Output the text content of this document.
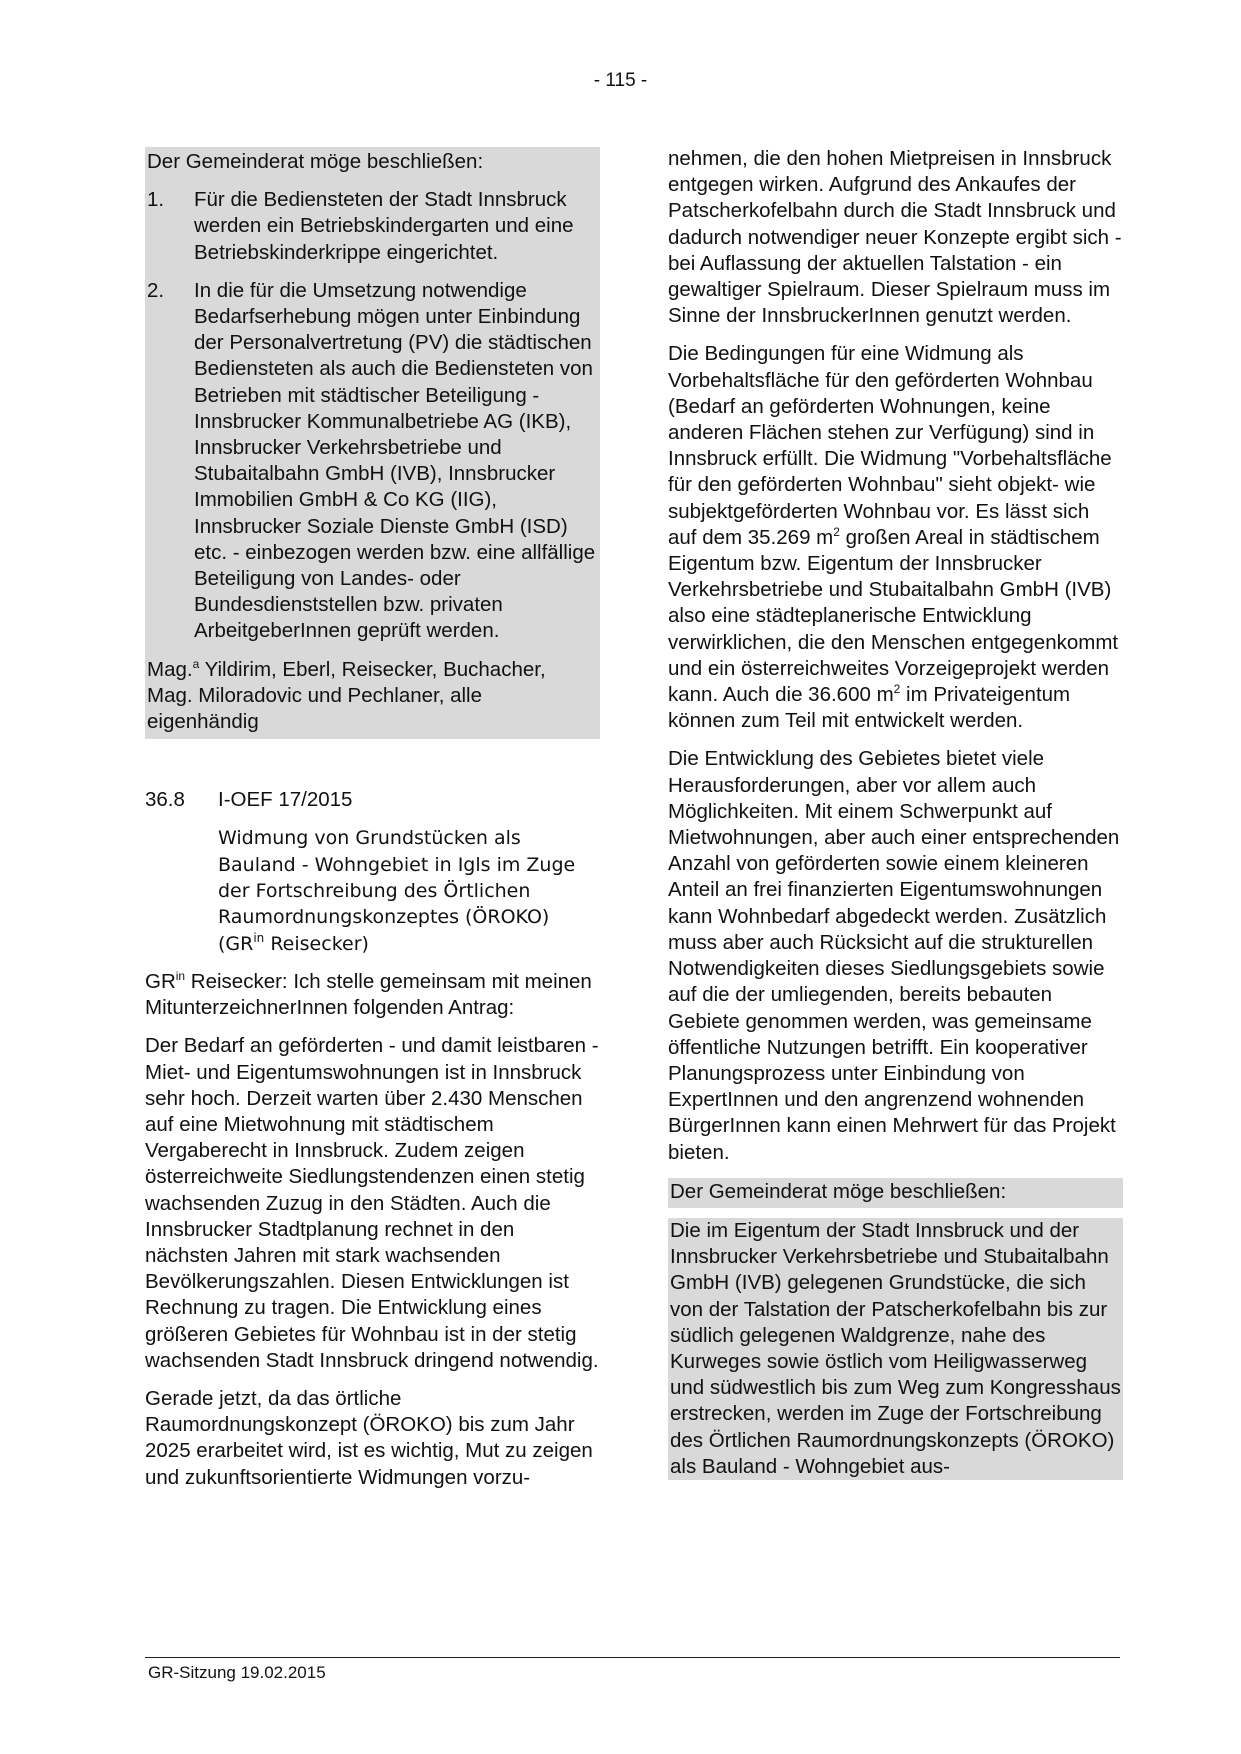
- 115 -

Der Gemeinderat möge beschließen:

1.	Für die Bediensteten der Stadt Innsbruck werden ein Betriebskindergarten und eine Betriebskinderkrippe eingerichtet.
2.	In die für die Umsetzung notwendige Bedarfserhebung mögen unter Einbindung der Personalvertretung (PV) die städtischen Bediensteten als auch die Bediensteten von Betrieben mit städtischer Beteiligung - Innsbrucker Kommunalbetriebe AG (IKB), Innsbrucker Verkehrsbetriebe und Stubaitalbahn GmbH (IVB), Innsbrucker Immobilien GmbH & Co KG (IIG), Innsbrucker Soziale Dienste GmbH (ISD) etc. - einbezogen werden bzw. eine allfällige Beteiligung von Landes- oder Bundesdienststellen bzw. privaten ArbeitgeberInnen geprüft werden.

Mag.$^a$ Yildirim, Eberl, Reisecker, Buchacher, Mag. Miloradovic und Pechlaner, alle eigenhändig

36.8	I-OEF 17/2015
Widmung von Grundstücken als Bauland - Wohngebiet in Igls im Zuge der Fortschreibung des Örtlichen Raumordnungskonzeptes (ÖROKO) ($GR^{in}$ Reisecker)

$GR^{in}$ Reisecker: Ich stelle gemeinsam mit meinen MitunterzeichnerInnen folgenden Antrag:

Der Bedarf an geförderten - und damit leistbaren - Miet- und Eigentumswohnungen ist in Innsbruck sehr hoch. Derzeit warten über 2.430 Menschen auf eine Mietwohnung mit städtischem Vergaberecht in Innsbruck. Zudem zeigen österreichweite Siedlungstendenzen einen stetig wachsenden Zuzug in den Städten. Auch die Innsbrucker Stadtplanung rechnet in den nächsten Jahren mit stark wachsenden Bevölkerungszahlen. Diesen Entwicklungen ist Rechnung zu tragen. Die Entwicklung eines größeren Gebietes für Wohnbau ist in der stetig wachsenden Stadt Innsbruck dringend notwendig.

Gerade jetzt, da das örtliche Raumordnungskonzept (ÖROKO) bis zum Jahr 2025 erarbeitet wird, ist es wichtig, Mut zu zeigen und zukunftsorientierte Widmungen vorzu-

nehmen, die den hohen Mietpreisen in Innsbruck entgegen wirken. Aufgrund des Ankaufes der Patscherkofelbahn durch die Stadt Innsbruck und dadurch notwendiger neuer Konzepte ergibt sich - bei Auflassung der aktuellen Talstation - ein gewaltiger Spielraum. Dieser Spielraum muss im Sinne der InnsbruckerInnen genutzt werden.

Die Bedingungen für eine Widmung als Vorbehaltsfläche für den geförderten Wohnbau (Bedarf an geförderten Wohnungen, keine anderen Flächen stehen zur Verfügung) sind in Innsbruck erfüllt. Die Widmung "Vorbehaltsfläche für den geförderten Wohnbau" sieht objekt- wie subjektgeförderten Wohnbau vor. Es lässt sich auf dem 35.269 $m^2$ großen Areal in städtischem Eigentum bzw. Eigentum der Innsbrucker Verkehrsbetriebe und Stubaitalbahn GmbH (IVB) also eine städteplanerische Entwicklung verwirklichen, die den Menschen entgegenkommt und ein österreichweites Vorzeigeprojekt werden kann. Auch die 36.600 $m^2$ im Privateigentum können zum Teil mit entwickelt werden.

Die Entwicklung des Gebietes bietet viele Herausforderungen, aber vor allem auch Möglichkeiten. Mit einem Schwerpunkt auf Mietwohnungen, aber auch einer entsprechenden Anzahl von geförderten sowie einem kleineren Anteil an frei finanzierten Eigentumswohnungen kann Wohnbedarf abgedeckt werden. Zusätzlich muss aber auch Rücksicht auf die strukturellen Notwendigkeiten dieses Siedlungsgebiets sowie auf die der umliegenden, bereits bebauten Gebiete genommen werden, was gemeinsame öffentliche Nutzungen betrifft. Ein kooperativer Planungsprozess unter Einbindung von ExpertInnen und den angrenzend wohnenden BürgerInnen kann einen Mehrwert für das Projekt bieten.

Der Gemeinderat möge beschließen:
Die im Eigentum der Stadt Innsbruck und der Innsbrucker Verkehrsbetriebe und Stubaitalbahn GmbH (IVB) gelegenen Grundstücke, die sich von der Talstation der Patscherkofelbahn bis zur südlich gelegenen Waldgrenze, nahe des Kurweges sowie östlich vom Heiligwasserweg und südwestlich bis zum Weg zum Kongresshaus erstrecken, werden im Zuge der Fortschreibung des Örtlichen Raumordnungskonzepts (ÖROKO) als Bauland - Wohngebiet aus-
GR-Sitzung 19.02.2015
